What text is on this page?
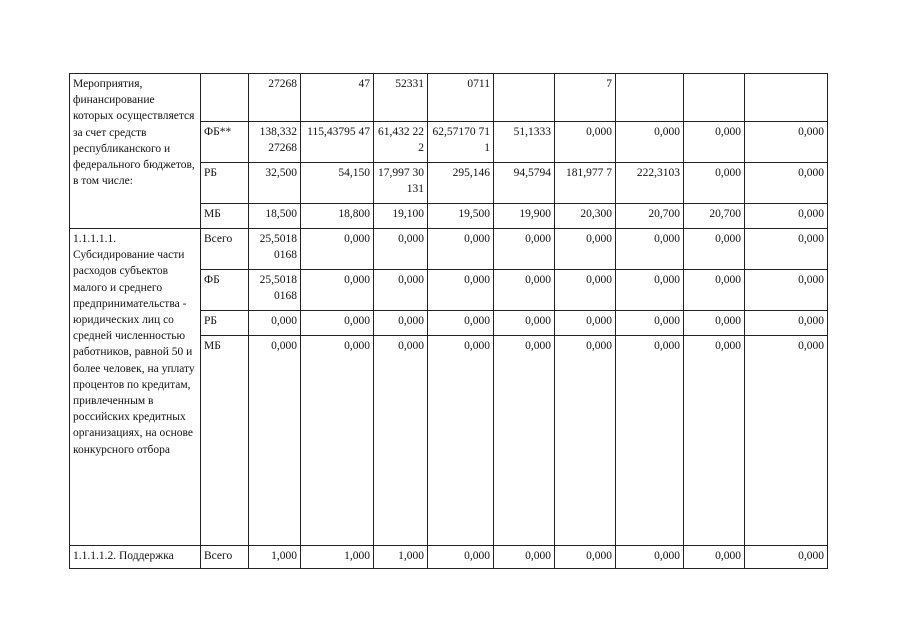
Мероприятия, финансирование которых осуществляется за счет средств республиканского и федерального бюджетов, в том числе:		27268	47	52331	0711		7			
	ФБ**	138,332 27268	115,43795 47	61,432 222	62,57170 711	51,1333	0,000	0,000	0,000	0,000
	РБ	32,500	54,150	17,997 30131	295,146	94,5794	181,977 7	222,3103	0,000	0,000
	МБ	18,500	18,800	19,100	19,500	19,900	20,300	20,700	20,700	0,000
1.1.1.1.1. Субсидирование части расходов субъектов малого и среднего предпринимательства - юридических лиц со средней численностью работников, равной 50 и более человек, на уплату процентов по кредитам, привлеченным в российских кредитных организациях, на основе конкурсного отбора	Всего	25,5018 0168	0,000	0,000	0,000	0,000	0,000	0,000	0,000	0,000
	ФБ	25,5018 0168	0,000	0,000	0,000	0,000	0,000	0,000	0,000	0,000
	РБ	0,000	0,000	0,000	0,000	0,000	0,000	0,000	0,000	0,000
	МБ	0,000	0,000	0,000	0,000	0,000	0,000	0,000	0,000	0,000
1.1.1.1.2. Поддержка	Всего	1,000	1,000	1,000	0,000	0,000	0,000	0,000	0,000	0,000
